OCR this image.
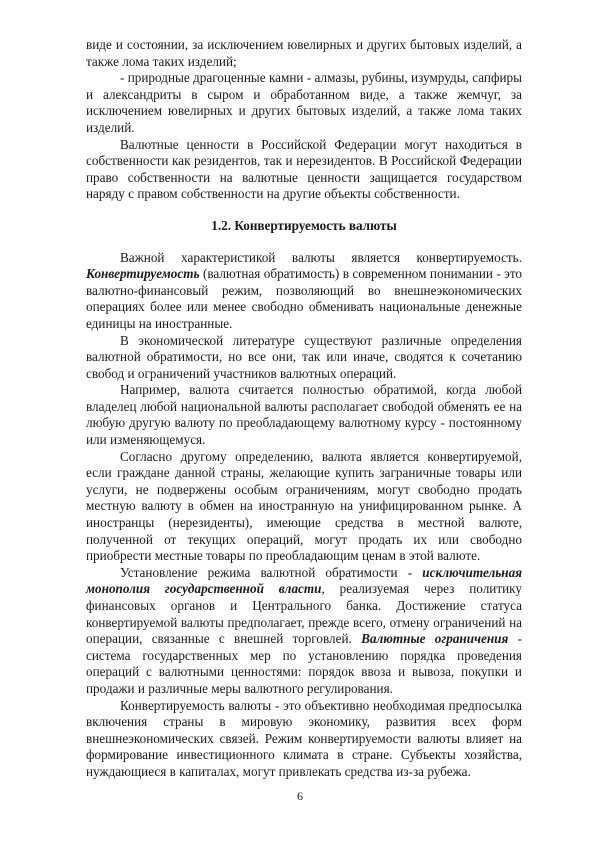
виде и состоянии, за исключением ювелирных и других бытовых изделий, а также лома таких изделий;

- природные драгоценные камни - алмазы, рубины, изумруды, сапфиры и александриты в сыром и обработанном виде, а также жемчуг, за исключением ювелирных и других бытовых изделий, а также лома таких изделий.

Валютные ценности в Российской Федерации могут находиться в собственности как резидентов, так и нерезидентов. В Российской Федерации право собственности на валютные ценности защищается государством наряду с правом собственности на другие объекты собственности.

1.2. Конвертируемость валюты

Важной характеристикой валюты является конвертируемость. Конвертируемость (валютная обратимость) в современном понимании - это валютно-финансовый режим, позволяющий во внешнеэкономических операциях более или менее свободно обменивать национальные денежные единицы на иностранные.

В экономической литературе существуют различные определения валютной обратимости, но все они, так или иначе, сводятся к сочетанию свобод и ограничений участников валютных операций.

Например, валюта считается полностью обратимой, когда любой владелец любой национальной валюты располагает свободой обменять ее на любую другую валюту по преобладающему валютному курсу - постоянному или изменяющемуся.

Согласно другому определению, валюта является конвертируемой, если граждане данной страны, желающие купить заграничные товары или услуги, не подвержены особым ограничениям, могут свободно продать местную валюту в обмен на иностранную на унифицированном рынке. А иностранцы (нерезиденты), имеющие средства в местной валюте, полученной от текущих операций, могут продать их или свободно приобрести местные товары по преобладающим ценам в этой валюте.

Установление режима валютной обратимости - исключительная монополия государственной власти, реализуемая через политику финансовых органов и Центрального банка. Достижение статуса конвертируемой валюты предполагает, прежде всего, отмену ограничений на операции, связанные с внешней торговлей. Валютные ограничения - система государственных мер по установлению порядка проведения операций с валютными ценностями: порядок ввоза и вывоза, покупки и продажи и различные меры валютного регулирования.

Конвертируемость валюты - это объективно необходимая предпосылка включения страны в мировую экономику, развития всех форм внешнеэкономических связей. Режим конвертируемости валюты влияет на формирование инвестиционного климата в стране. Субъекты хозяйства, нуждающиеся в капиталах, могут привлекать средства из-за рубежа.

6
